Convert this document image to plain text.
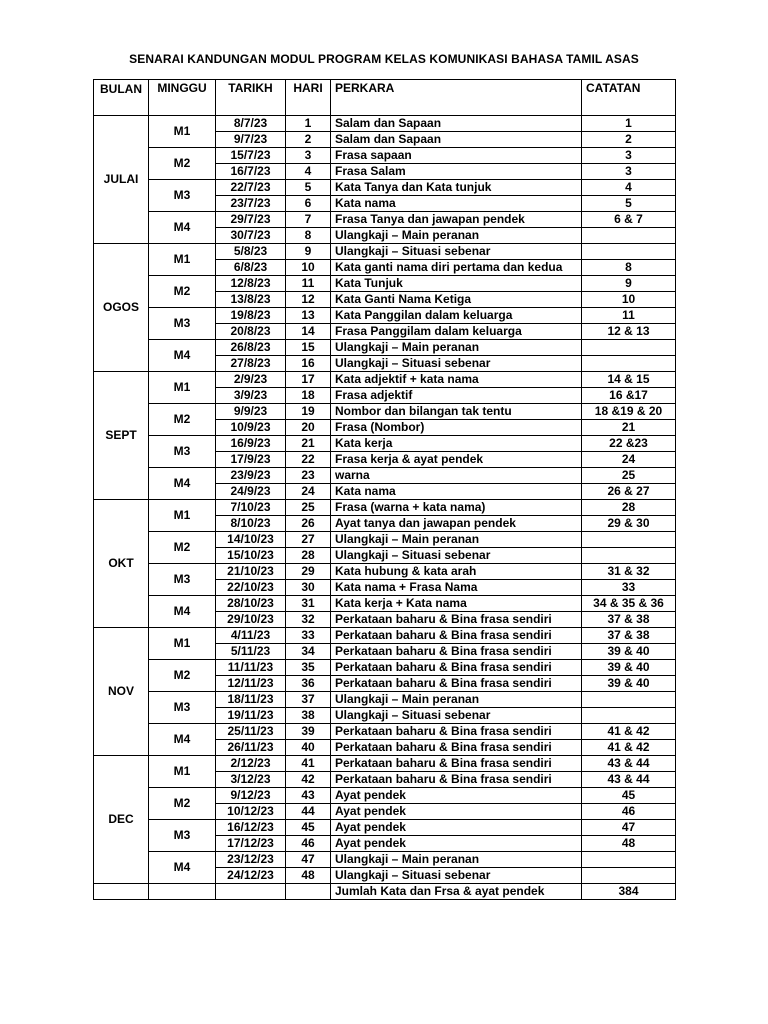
SENARAI KANDUNGAN MODUL PROGRAM KELAS KOMUNIKASI BAHASA TAMIL ASAS
BULAN	MINGGU	TARIKH	HARI	PERKARA	CATATAN
JULAI	M1	8/7/23	1	Salam dan Sapaan	1
		9/7/23	2	Salam dan Sapaan	2
	M2	15/7/23	3	Frasa sapaan	3
		16/7/23	4	Frasa Salam	3
	M3	22/7/23	5	Kata Tanya dan Kata tunjuk	4
		23/7/23	6	Kata nama	5
	M4	29/7/23	7	Frasa Tanya dan jawapan pendek	6 & 7
		30/7/23	8	Ulangkaji – Main peranan	
OGOS	M1	5/8/23	9	Ulangkaji – Situasi sebenar	
		6/8/23	10	Kata ganti nama diri pertama dan kedua	8
	M2	12/8/23	11	Kata Tunjuk	9
		13/8/23	12	Kata Ganti Nama Ketiga	10
	M3	19/8/23	13	Kata Panggilan dalam keluarga	11
		20/8/23	14	Frasa Panggilam dalam keluarga	12 & 13
	M4	26/8/23	15	Ulangkaji – Main peranan	
		27/8/23	16	Ulangkaji – Situasi sebenar	
SEPT	M1	2/9/23	17	Kata adjektif + kata nama	14 & 15
		3/9/23	18	Frasa adjektif	16 &17
	M2	9/9/23	19	Nombor dan bilangan tak tentu	18 &19 & 20
		10/9/23	20	Frasa (Nombor)	21
	M3	16/9/23	21	Kata kerja	22 &23
		17/9/23	22	Frasa kerja & ayat pendek	24
	M4	23/9/23	23	warna	25
		24/9/23	24	Kata nama	26 & 27
OKT	M1	7/10/23	25	Frasa (warna + kata nama)	28
		8/10/23	26	Ayat tanya dan jawapan pendek	29 & 30
	M2	14/10/23	27	Ulangkaji – Main peranan	
		15/10/23	28	Ulangkaji – Situasi sebenar	
	M3	21/10/23	29	Kata hubung & kata arah	31 & 32
		22/10/23	30	Kata nama + Frasa Nama	33
	M4	28/10/23	31	Kata kerja + Kata nama	34 & 35 & 36
		29/10/23	32	Perkataan baharu & Bina frasa sendiri	37 & 38
NOV	M1	4/11/23	33	Perkataan baharu & Bina frasa sendiri	37 & 38
		5/11/23	34	Perkataan baharu & Bina frasa sendiri	39 & 40
	M2	11/11/23	35	Perkataan baharu & Bina frasa sendiri	39 & 40
		12/11/23	36	Perkataan baharu & Bina frasa sendiri	39 & 40
	M3	18/11/23	37	Ulangkaji – Main peranan	
		19/11/23	38	Ulangkaji – Situasi sebenar	
	M4	25/11/23	39	Perkataan baharu & Bina frasa sendiri	41 & 42
		26/11/23	40	Perkataan baharu & Bina frasa sendiri	41 & 42
DEC	M1	2/12/23	41	Perkataan baharu & Bina frasa sendiri	43 & 44
		3/12/23	42	Perkataan baharu & Bina frasa sendiri	43 & 44
	M2	9/12/23	43	Ayat pendek	45
		10/12/23	44	Ayat pendek	46
	M3	16/12/23	45	Ayat pendek	47
		17/12/23	46	Ayat pendek	48
	M4	23/12/23	47	Ulangkaji – Main peranan	
		24/12/23	48	Ulangkaji – Situasi sebenar	
				Jumlah Kata dan Frsa & ayat pendek	384
